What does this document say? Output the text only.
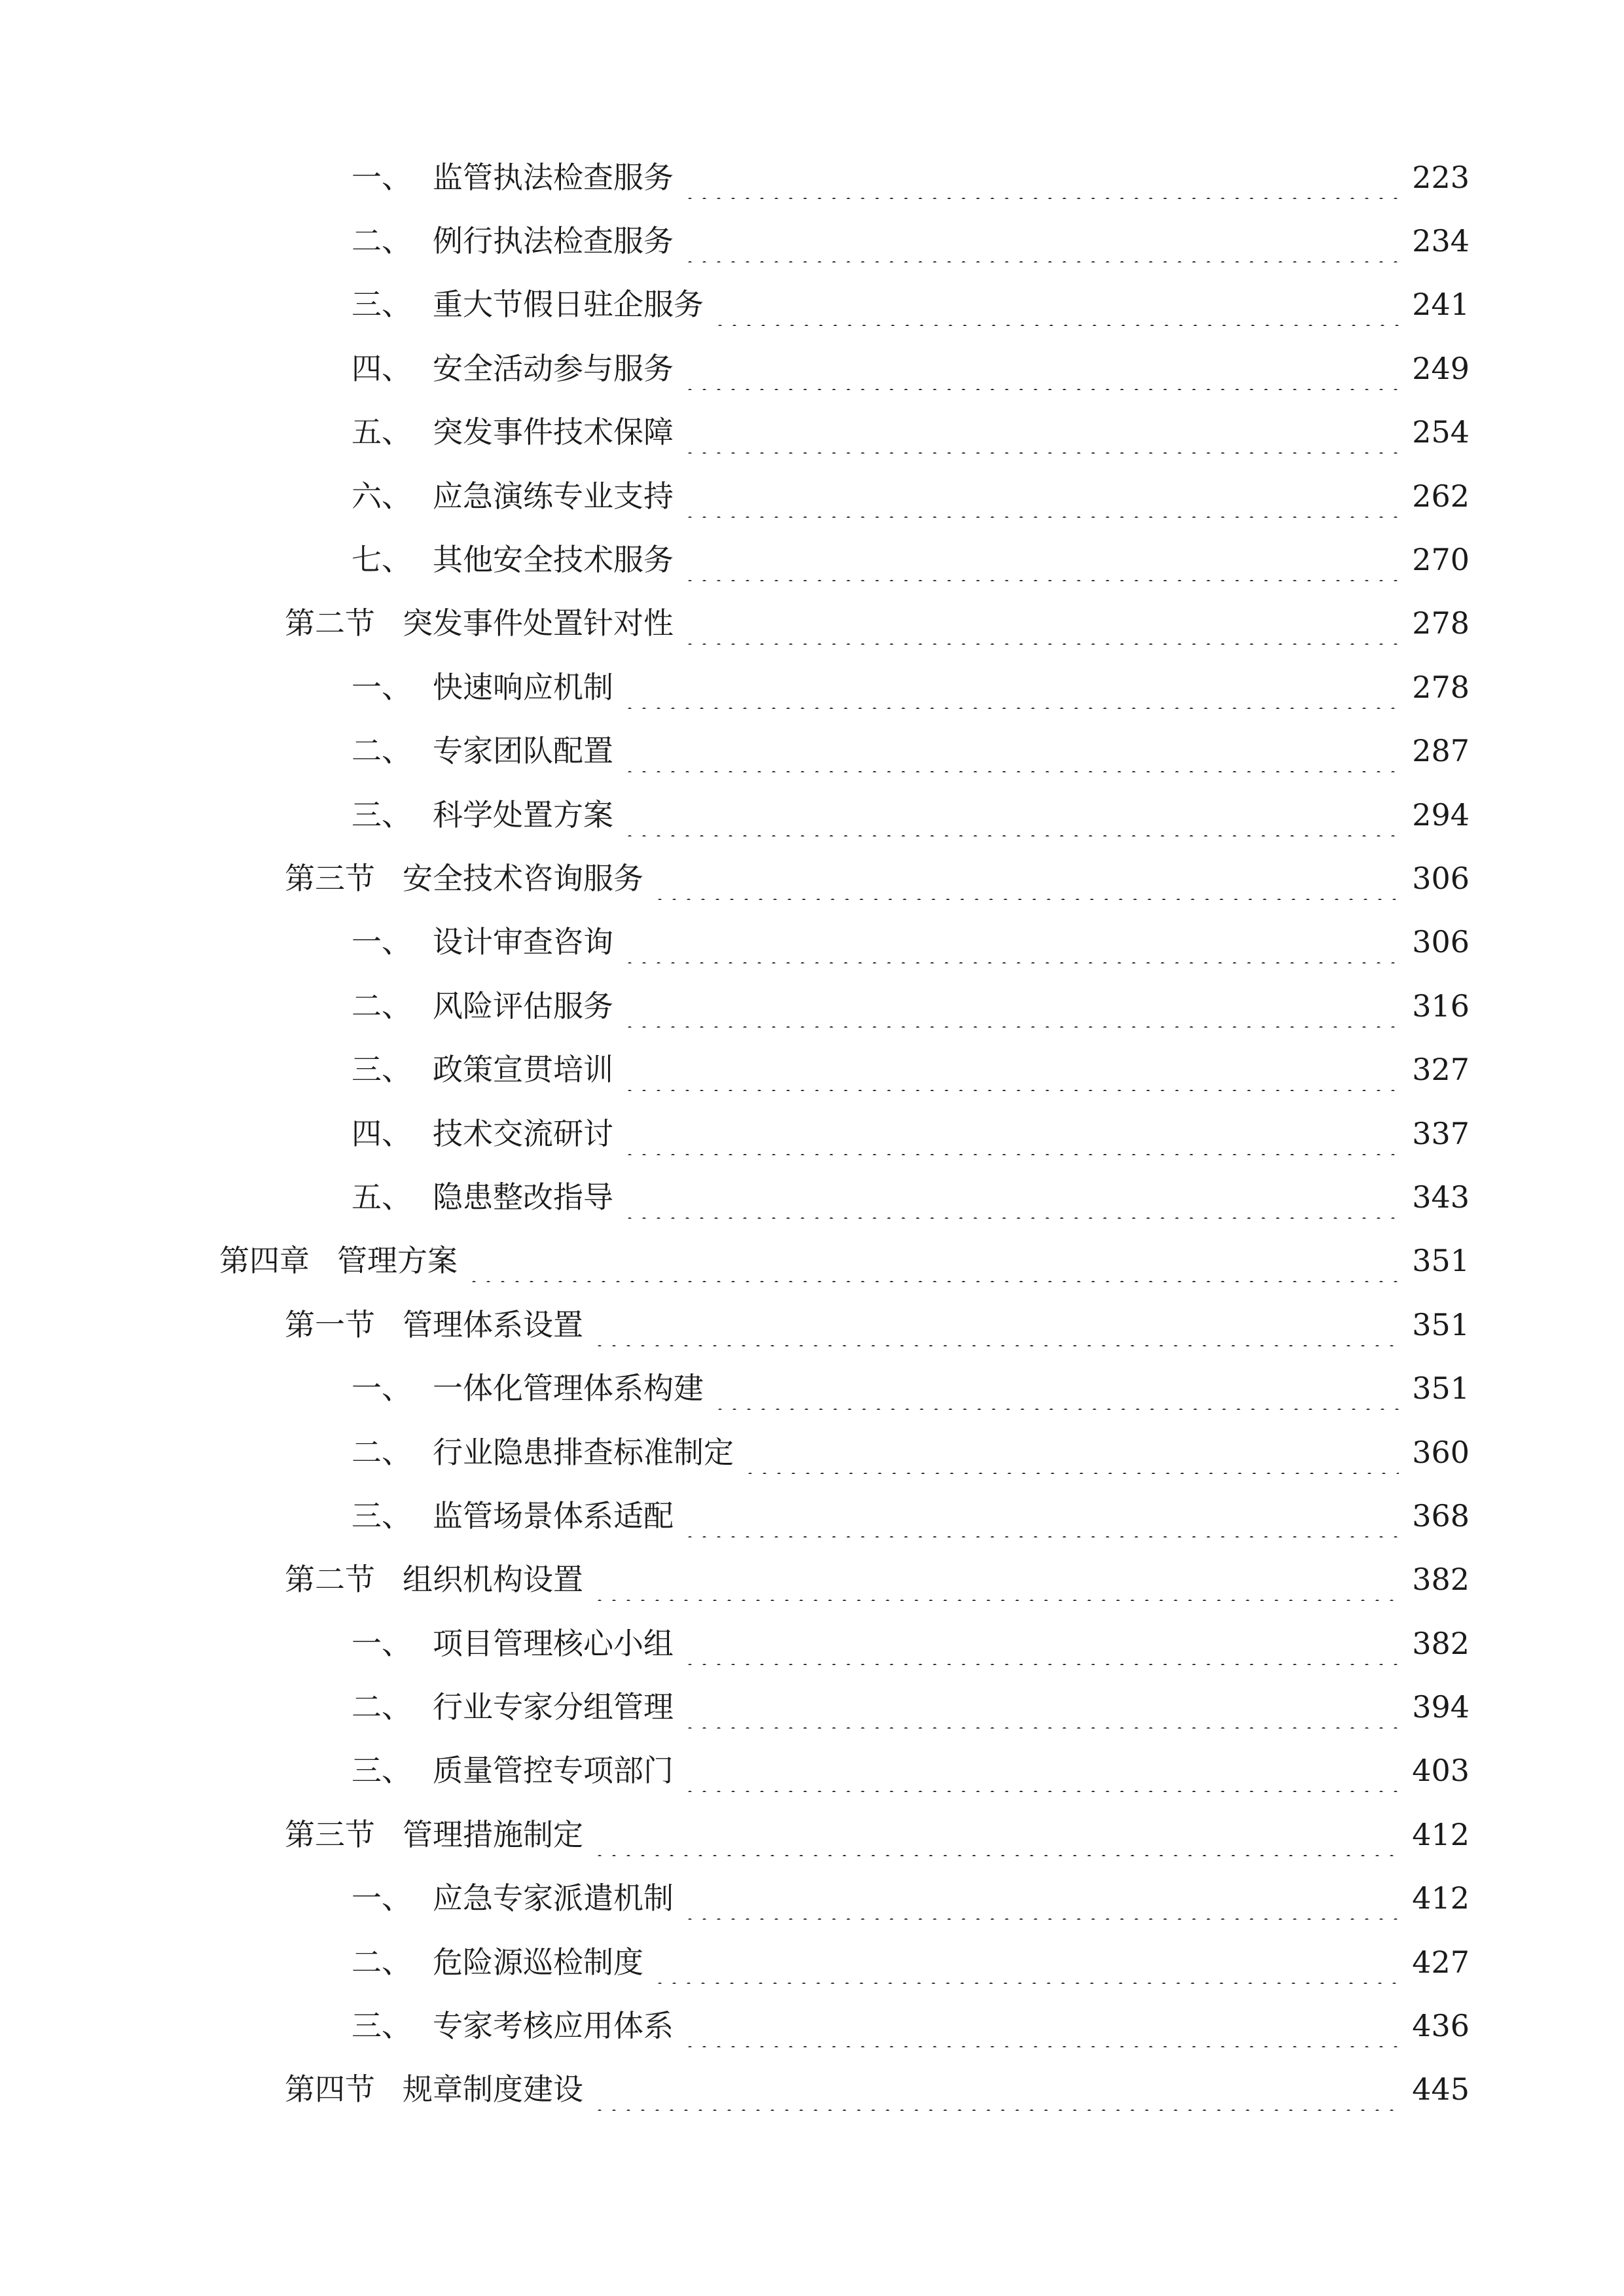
一、 监管执法检查服务	223
二、 例行执法检查服务	234
三、 重大节假日驻企服务	241
四、 安全活动参与服务	249
五、 突发事件技术保障	254
六、 应急演练专业支持	262
七、 其他安全技术服务	270
第二节 突发事件处置针对性	278
一、 快速响应机制	278
二、 专家团队配置	287
三、 科学处置方案	294
第三节 安全技术咨询服务	306
一、 设计审查咨询	306
二、 风险评估服务	316
三、 政策宣贯培训	327
四、 技术交流研讨	337
五、 隐患整改指导	343
第四章 管理方案	351
第一节 管理体系设置	351
一、 一体化管理体系构建	351
二、 行业隐患排查标准制定	360
三、 监管场景体系适配	368
第二节 组织机构设置	382
一、 项目管理核心小组	382
二、 行业专家分组管理	394
三、 质量管控专项部门	403
第三节 管理措施制定	412
一、 应急专家派遣机制	412
二、 危险源巡检制度	427
三、 专家考核应用体系	436
第四节 规章制度建设	445
